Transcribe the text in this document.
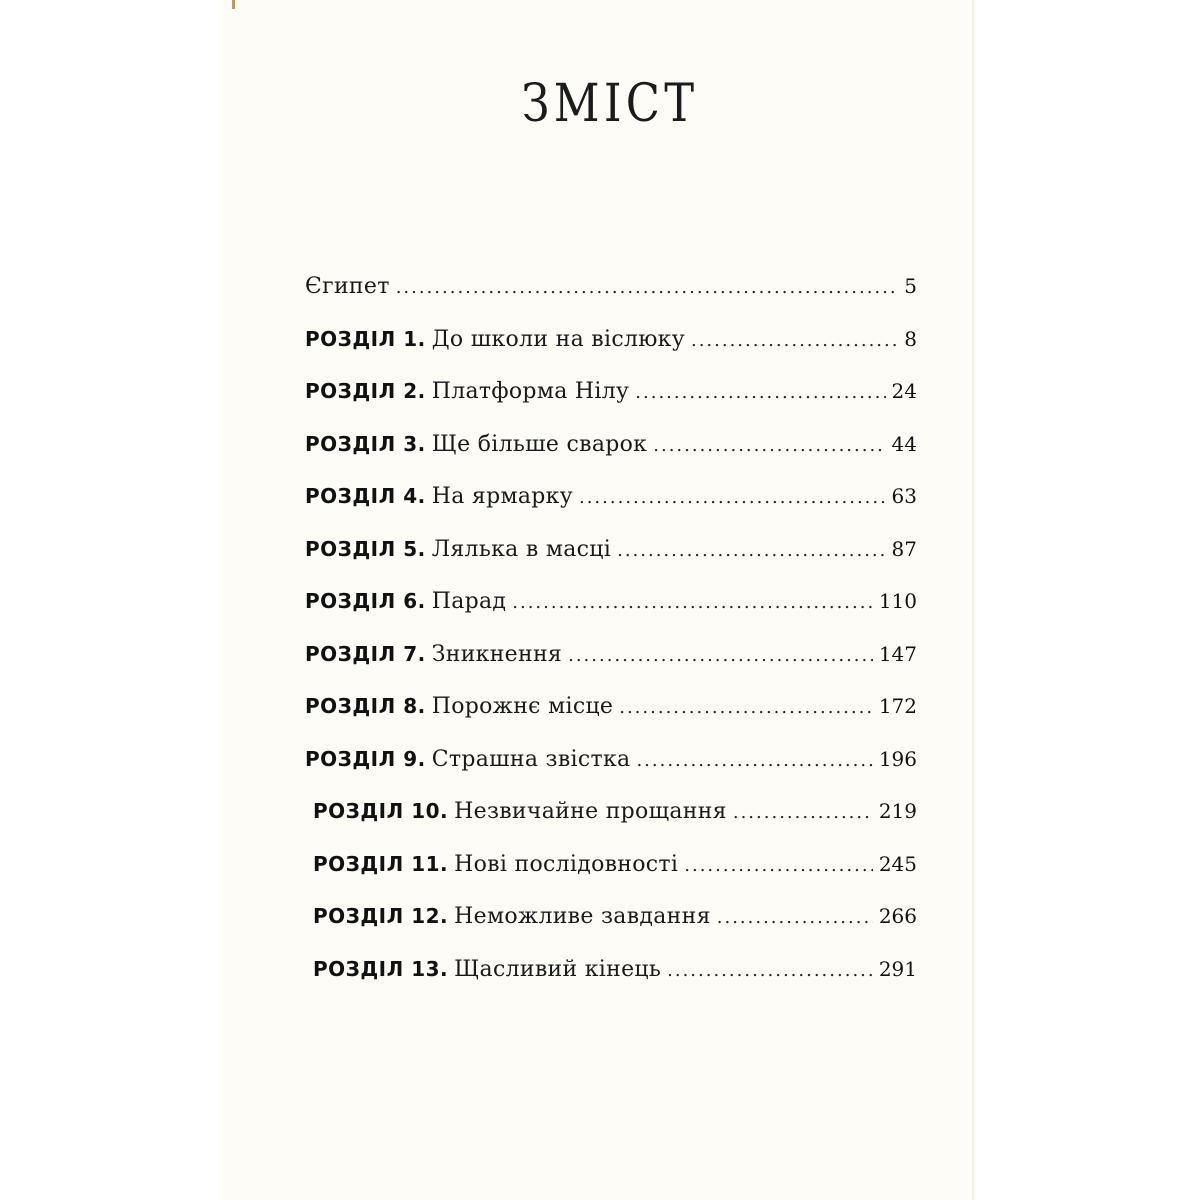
ЗМІСТ
Єгипет .....	5
РОЗДІЛ 1. До школи на віслюку .....	8
РОЗДІЛ 2. Платформа Нілу .....	24
РОЗДІЛ 3. Ще більше сварок .....	44
РОЗДІЛ 4. На ярмарку .....	63
РОЗДІЛ 5. Лялька в масці .....	87
РОЗДІЛ 6. Парад .....	110
РОЗДІЛ 7. Зникнення .....	147
РОЗДІЛ 8. Порожнє місце .....	172
РОЗДІЛ 9. Страшна звістка .....	196
РОЗДІЛ 10. Незвичайне прощання .....	219
РОЗДІЛ 11. Нові послідовності .....	245
РОЗДІЛ 12. Неможливе завдання .....	266
РОЗДІЛ 13. Щасливий кінець .....	291
